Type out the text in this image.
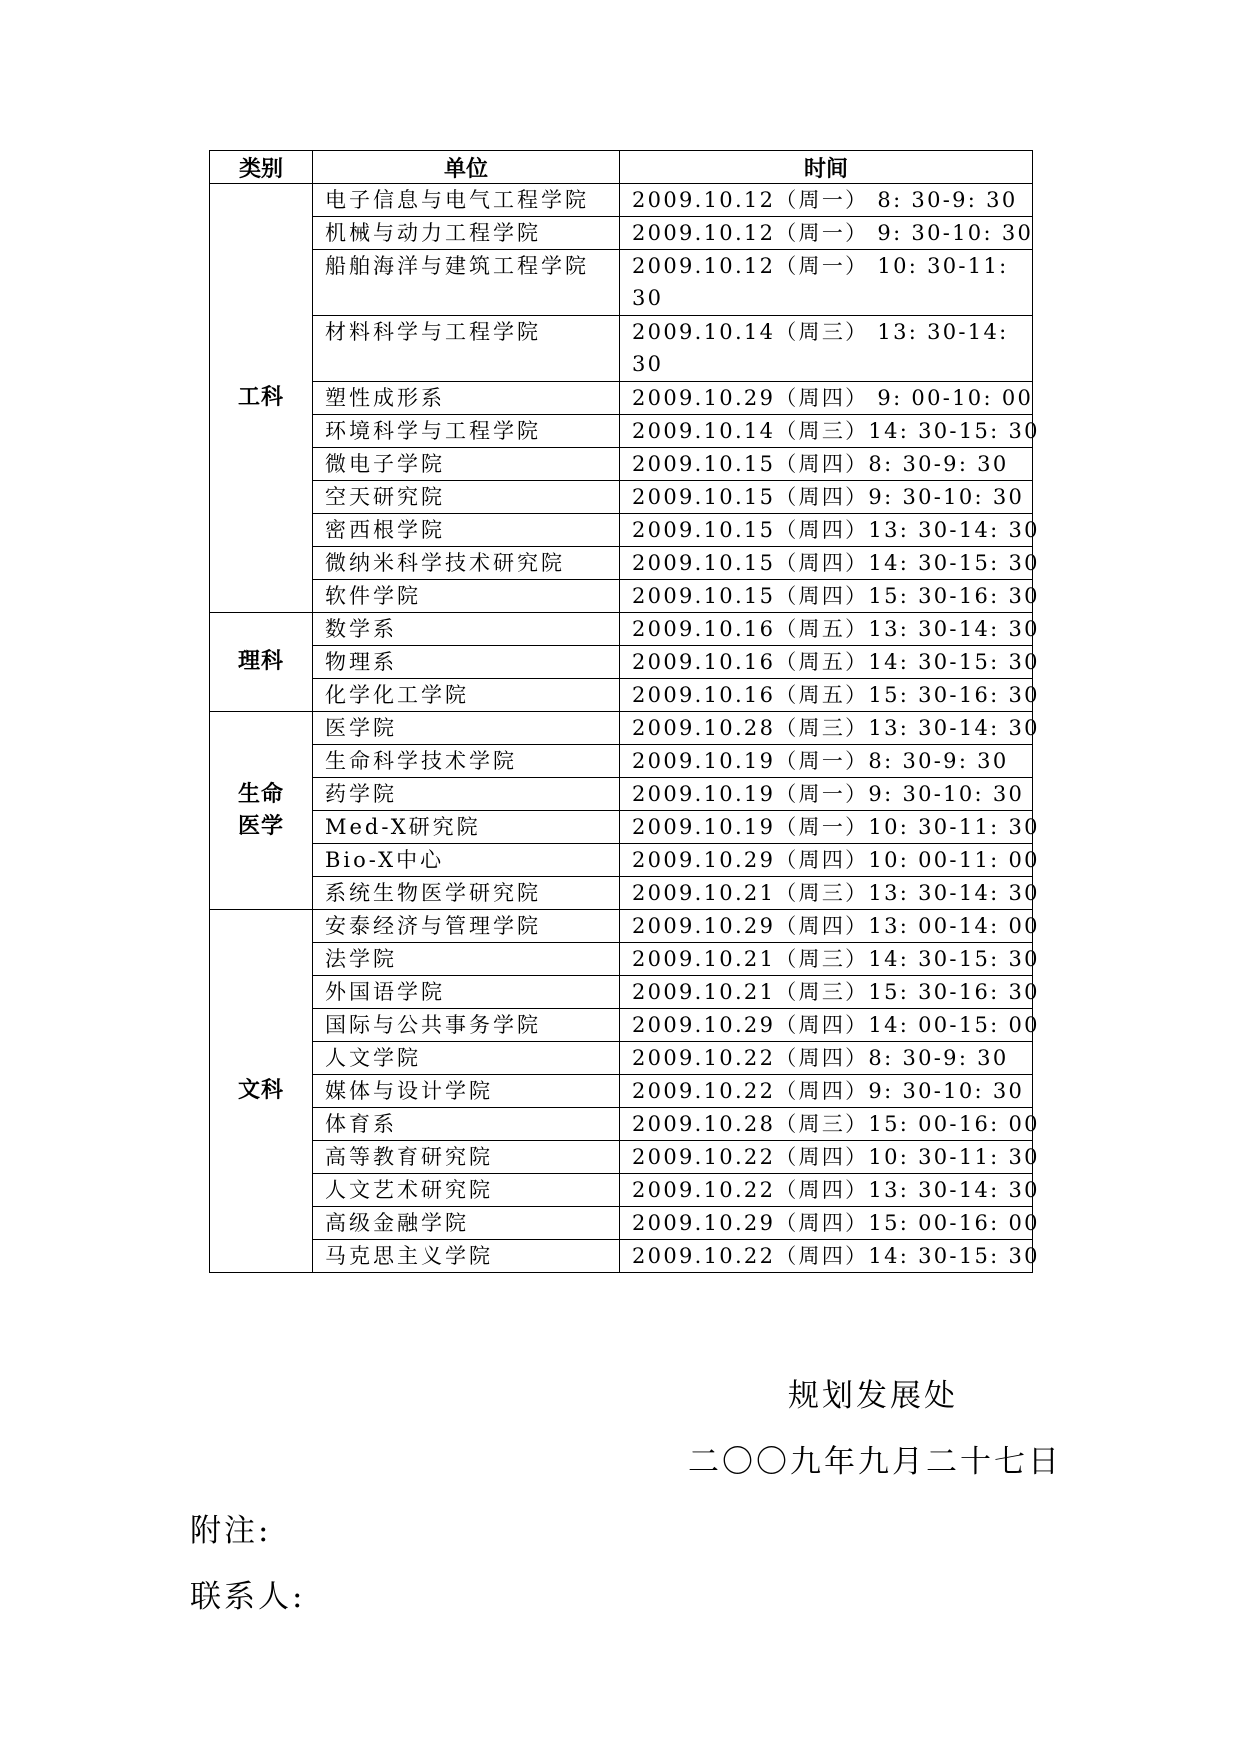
类别	单位	时间
工科	电子信息与电气工程学院	2009.10.12（周一） 8: 30-9: 30
	机械与动力工程学院	2009.10.12（周一） 9: 30-10: 30
	船舶海洋与建筑工程学院	2009.10.12（周一） 10: 30-11: 30
	材料科学与工程学院	2009.10.14（周三） 13: 30-14: 30
	塑性成形系	2009.10.29（周四） 9: 00-10: 00
	环境科学与工程学院	2009.10.14（周三）14: 30-15: 30
	微电子学院	2009.10.15（周四）8: 30-9: 30
	空天研究院	2009.10.15（周四）9: 30-10: 30
	密西根学院	2009.10.15（周四）13: 30-14: 30
	微纳米科学技术研究院	2009.10.15（周四）14: 30-15: 30
	软件学院	2009.10.15（周四）15: 30-16: 30
理科	数学系	2009.10.16（周五）13: 30-14: 30
	物理系	2009.10.16（周五）14: 30-15: 30
	化学化工学院	2009.10.16（周五）15: 30-16: 30
生命医学	医学院	2009.10.28（周三）13: 30-14: 30
	生命科学技术学院	2009.10.19（周一）8: 30-9: 30
	药学院	2009.10.19（周一）9: 30-10: 30
	Med-X研究院	2009.10.19（周一）10: 30-11: 30
	Bio-X中心	2009.10.29（周四）10: 00-11: 00
	系统生物医学研究院	2009.10.21（周三）13: 30-14: 30
文科	安泰经济与管理学院	2009.10.29（周四）13: 00-14: 00
	法学院	2009.10.21（周三）14: 30-15: 30
	外国语学院	2009.10.21（周三）15: 30-16: 30
	国际与公共事务学院	2009.10.29（周四）14: 00-15: 00
	人文学院	2009.10.22（周四）8: 30-9: 30
	媒体与设计学院	2009.10.22（周四）9: 30-10: 30
	体育系	2009.10.28（周三）15: 00-16: 00
	高等教育研究院	2009.10.22（周四）10: 30-11: 30
	人文艺术研究院	2009.10.22（周四）13: 30-14: 30
	高级金融学院	2009.10.29（周四）15: 00-16: 00
	马克思主义学院	2009.10.22（周四）14: 30-15: 30
规划发展处
二〇〇九年九月二十七日
附注:
联系人:
